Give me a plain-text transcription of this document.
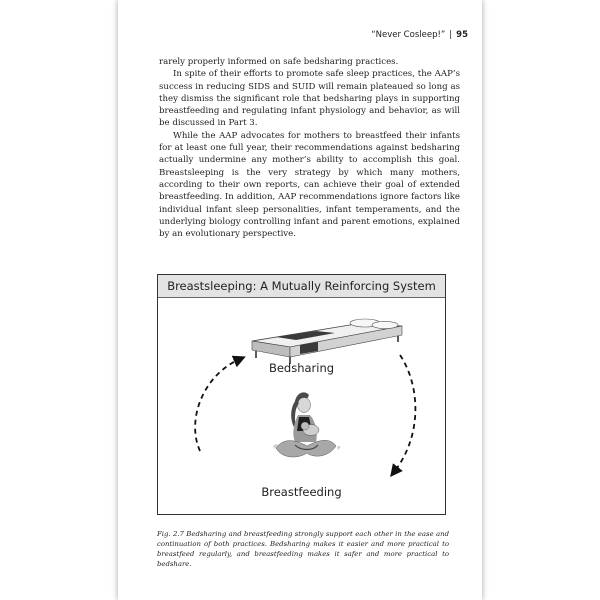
“Never Cosleep!” | 95

rarely properly informed on safe bedsharing practices.

In spite of their efforts to promote safe sleep practices, the AAP’s success in reducing SIDS and SUID will remain plateaued so long as they dismiss the significant role that bedsharing plays in supporting breastfeeding and regulating infant physiology and behavior, as will be discussed in Part 3.

While the AAP advocates for mothers to breastfeed their infants for at least one full year, their recommendations against bedsharing actually undermine any mother’s ability to accomplish this goal. Breastsleeping is the very strategy by which many mothers, according to their own reports, can achieve their goal of extended breastfeeding. In addition, AAP recommendations ignore factors like individual infant sleep personalities, infant temperaments, and the underlying biology controlling infant and parent emotions, explained by an evolutionary perspective.

Breastsleeping: A Mutually Reinforcing System
Bedsharing
Breastfeeding

Fig. 2.7 Bedsharing and breastfeeding strongly support each other in the ease and continuation of both practices. Bedsharing makes it easier and more practical to breastfeed regularly, and breastfeeding makes it safer and more practical to bedshare.
